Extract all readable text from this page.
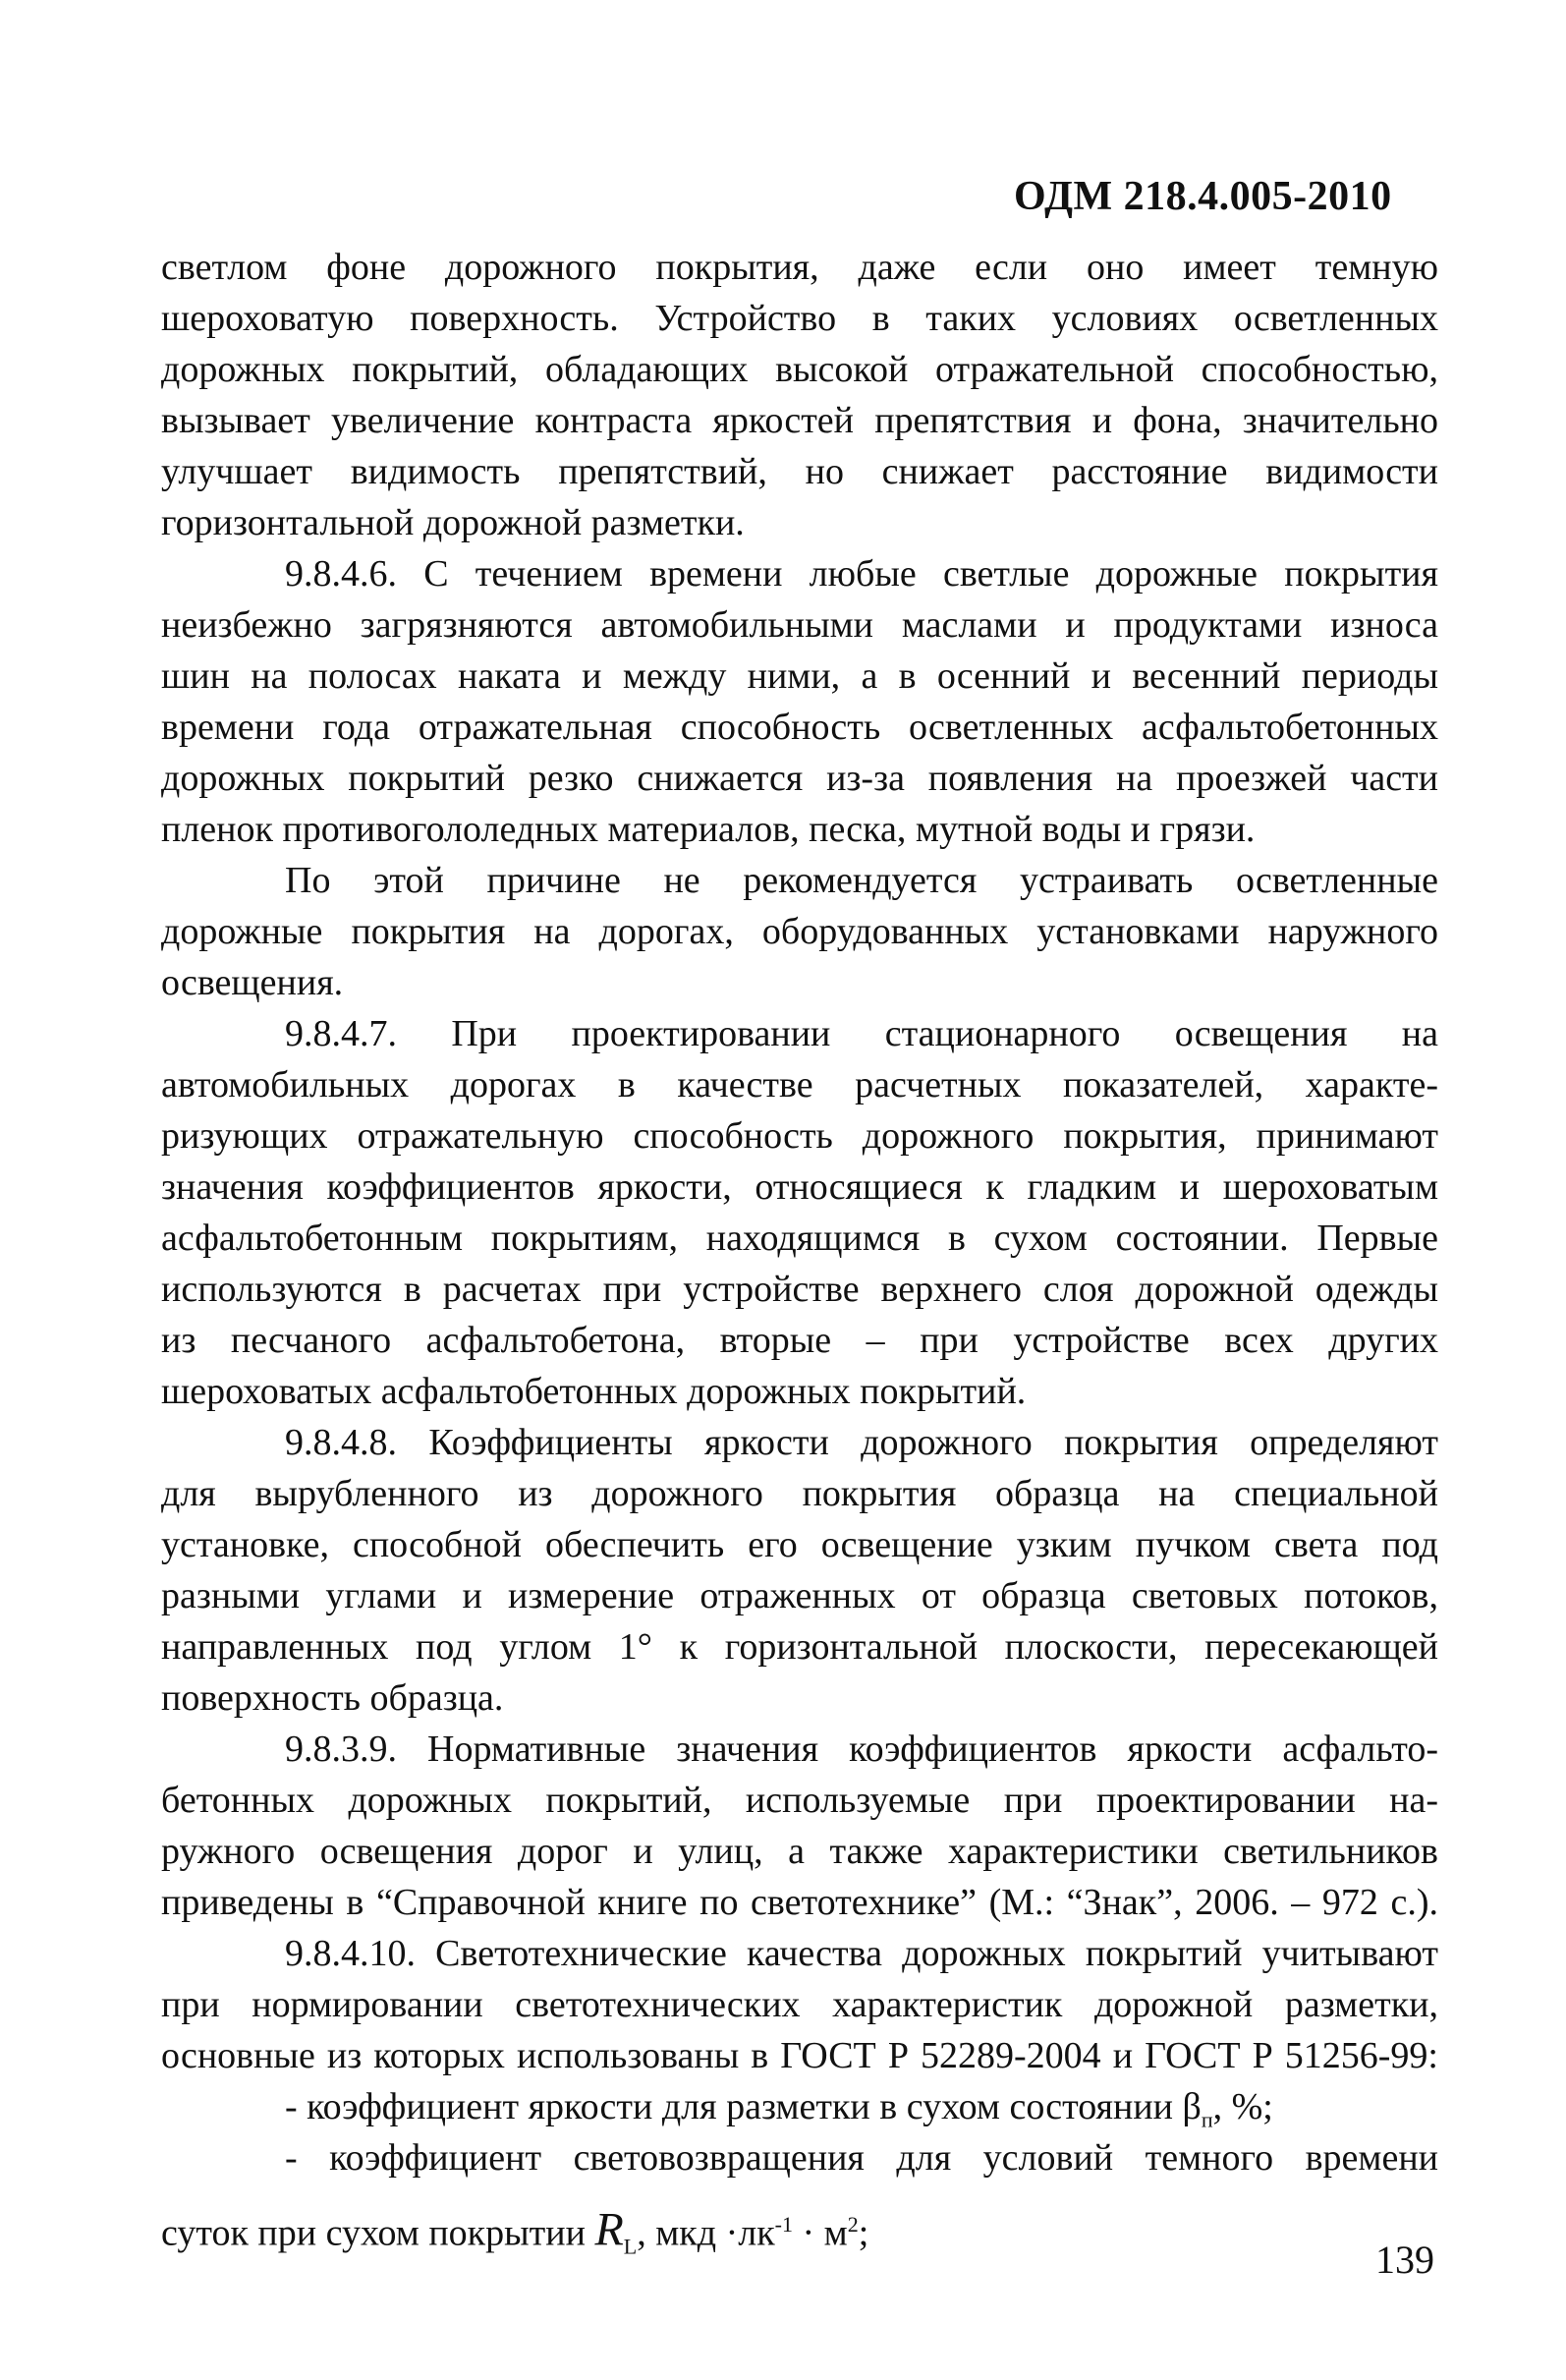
ОДМ 218.4.005-2010
светлом фоне дорожного покрытия, даже если оно имеет темную
шероховатую поверхность. Устройство в таких условиях осветленных
дорожных покрытий, обладающих высокой отражательной способностью,
вызывает увеличение контраста яркостей препятствия и фона, значительно
улучшает видимость препятствий, но снижает расстояние видимости
горизонтальной дорожной разметки.
9.8.4.6. С течением времени любые светлые дорожные покрытия
неизбежно загрязняются автомобильными маслами и продуктами износа
шин на полосах наката и между ними, а в осенний и весенний периоды
времени года отражательная способность осветленных асфальтобетонных
дорожных покрытий резко снижается из-за появления на проезжей части
пленок противогололедных материалов, песка, мутной воды и грязи.
По этой причине не рекомендуется устраивать осветленные
дорожные покрытия на дорогах, оборудованных установками наружного
освещения.
9.8.4.7. При проектировании стационарного освещения на
автомобильных дорогах в качестве расчетных показателей, характе-
ризующих отражательную способность дорожного покрытия, принимают
значения коэффициентов яркости, относящиеся к гладким и шероховатым
асфальтобетонным покрытиям, находящимся в сухом состоянии. Первые
используются в расчетах при устройстве верхнего слоя дорожной одежды
из песчаного асфальтобетона, вторые – при устройстве всех других
шероховатых асфальтобетонных дорожных покрытий.
9.8.4.8. Коэффициенты яркости дорожного покрытия определяют
для вырубленного из дорожного покрытия образца на специальной
установке, способной обеспечить его освещение узким пучком света под
разными углами и измерение отраженных от образца световых потоков,
направленных под углом 1° к горизонтальной плоскости, пересекающей
поверхность образца.
9.8.3.9. Нормативные значения коэффициентов яркости асфальто-
бетонных дорожных покрытий, используемые при проектировании на-
ружного освещения дорог и улиц, а также характеристики светильников
приведены в “Справочной книге по светотехнике” (М.: “Знак”, 2006. – 972 с.).
9.8.4.10. Светотехнические качества дорожных покрытий учитывают
при нормировании светотехнических характеристик дорожной разметки,
основные из которых использованы в ГОСТ Р 52289-2004 и ГОСТ Р 51256-99:
- коэффициент яркости для разметки в сухом состоянии $\beta_п$, %;
- коэффициент световозвращения для условий темного времени
суток при сухом покрытии $R_L$, мкд $\cdot лк^{-1} \cdot м^2$;
139
